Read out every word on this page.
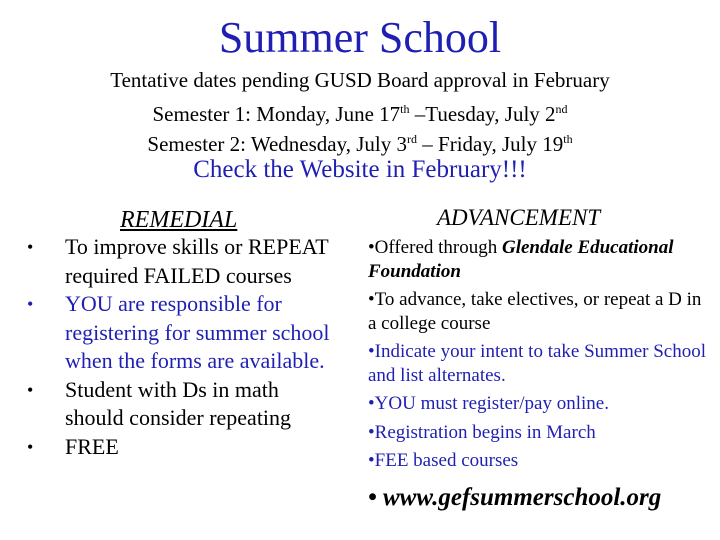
Summer School
Tentative dates pending GUSD Board approval in February
Semester 1: Monday, June 17th –Tuesday, July 2nd
Semester 2: Wednesday, July 3rd – Friday, July 19th
Check the Website in February!!!
REMEDIAL
• To improve skills or REPEAT required FAILED courses
• YOU are responsible for registering for summer school when the forms are available.
• Student with Ds in math should consider repeating
• FREE
ADVANCEMENT
•Offered through Glendale Educational Foundation
•To advance, take electives, or repeat a D in a college course
•Indicate your intent to take Summer School and list alternates.
•YOU must register/pay online.
•Registration begins in March
•FEE based courses
• www.gefsummerschool.org
